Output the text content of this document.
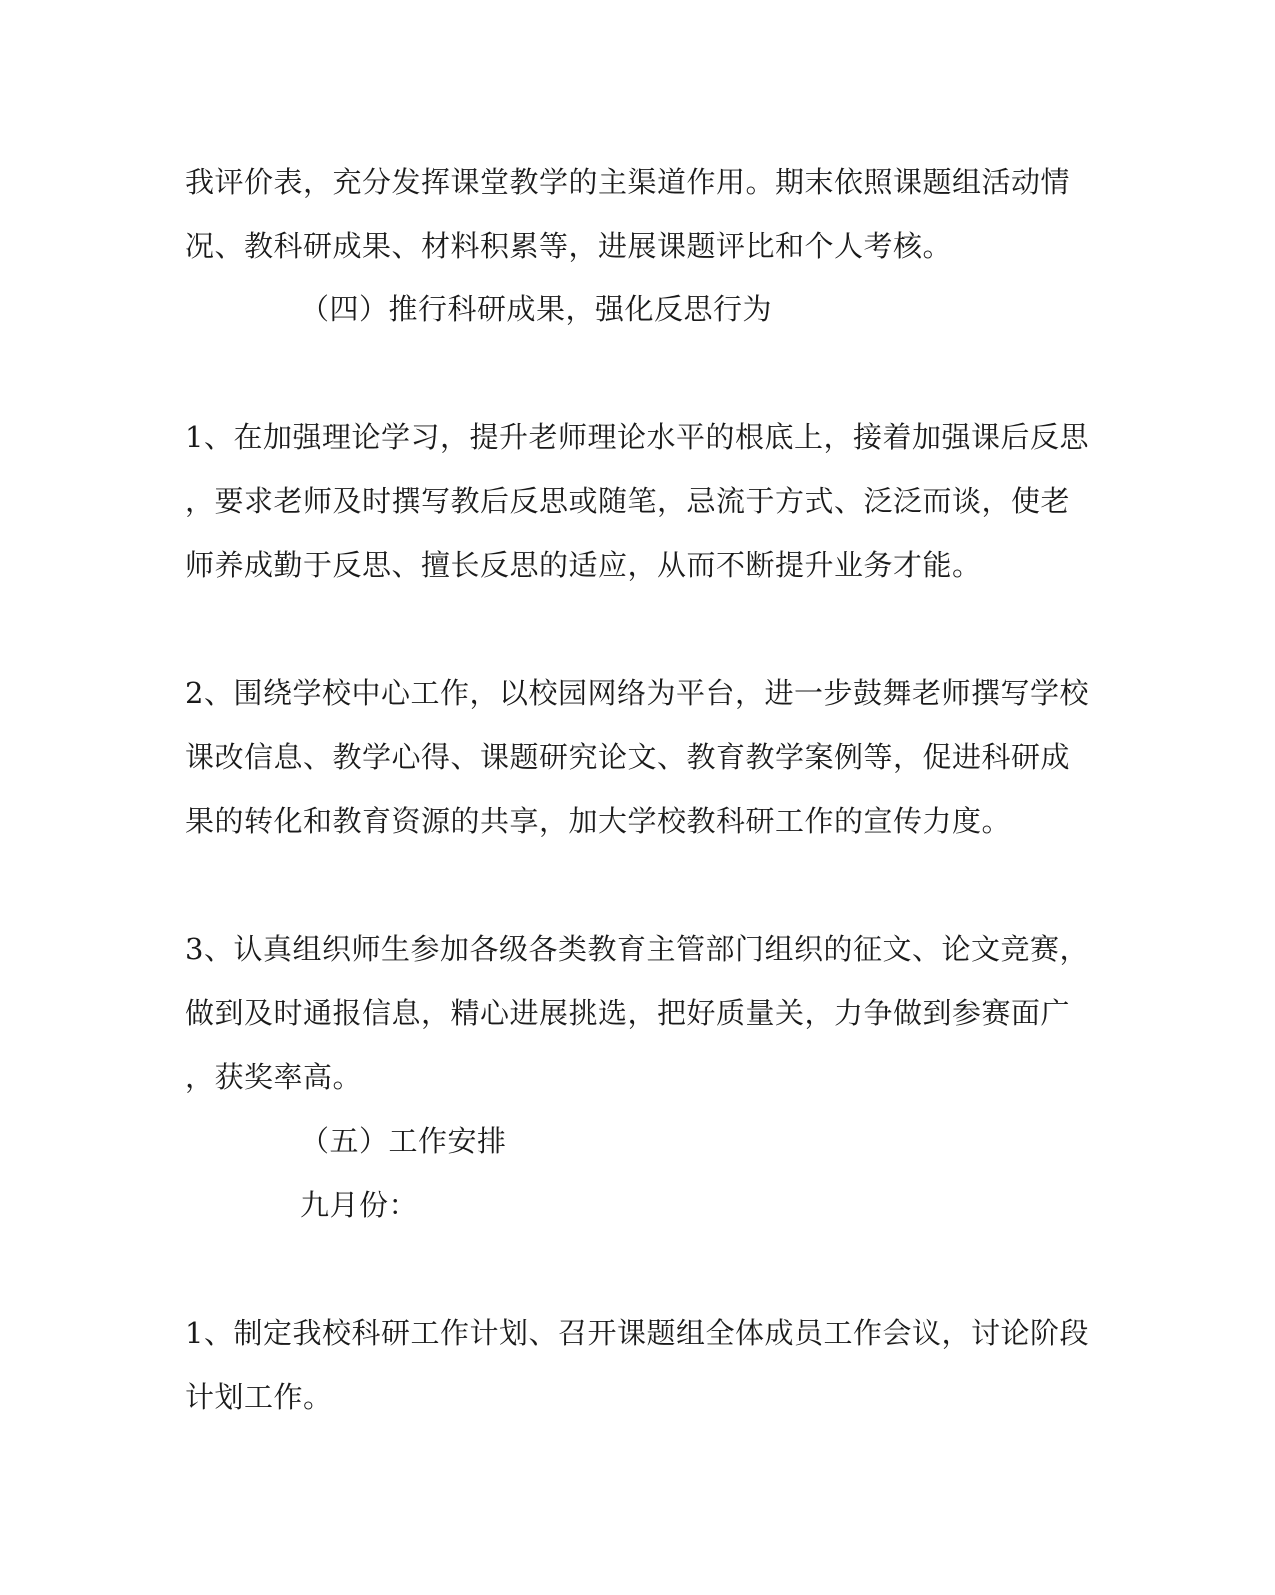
我评价表，充分发挥课堂教学的主渠道作用。期末依照课题组活动情
况、教科研成果、材料积累等，进展课题评比和个人考核。
（四）推行科研成果，强化反思行为
1、在加强理论学习，提升老师理论水平的根底上，接着加强课后反思
，要求老师及时撰写教后反思或随笔，忌流于方式、泛泛而谈，使老
师养成勤于反思、擅长反思的适应，从而不断提升业务才能。
2、围绕学校中心工作，以校园网络为平台，进一步鼓舞老师撰写学校
课改信息、教学心得、课题研究论文、教育教学案例等，促进科研成
果的转化和教育资源的共享，加大学校教科研工作的宣传力度。
3、认真组织师生参加各级各类教育主管部门组织的征文、论文竞赛，
做到及时通报信息，精心进展挑选，把好质量关，力争做到参赛面广
，获奖率高。
（五）工作安排
九月份：
1、制定我校科研工作计划、召开课题组全体成员工作会议，讨论阶段
计划工作。
